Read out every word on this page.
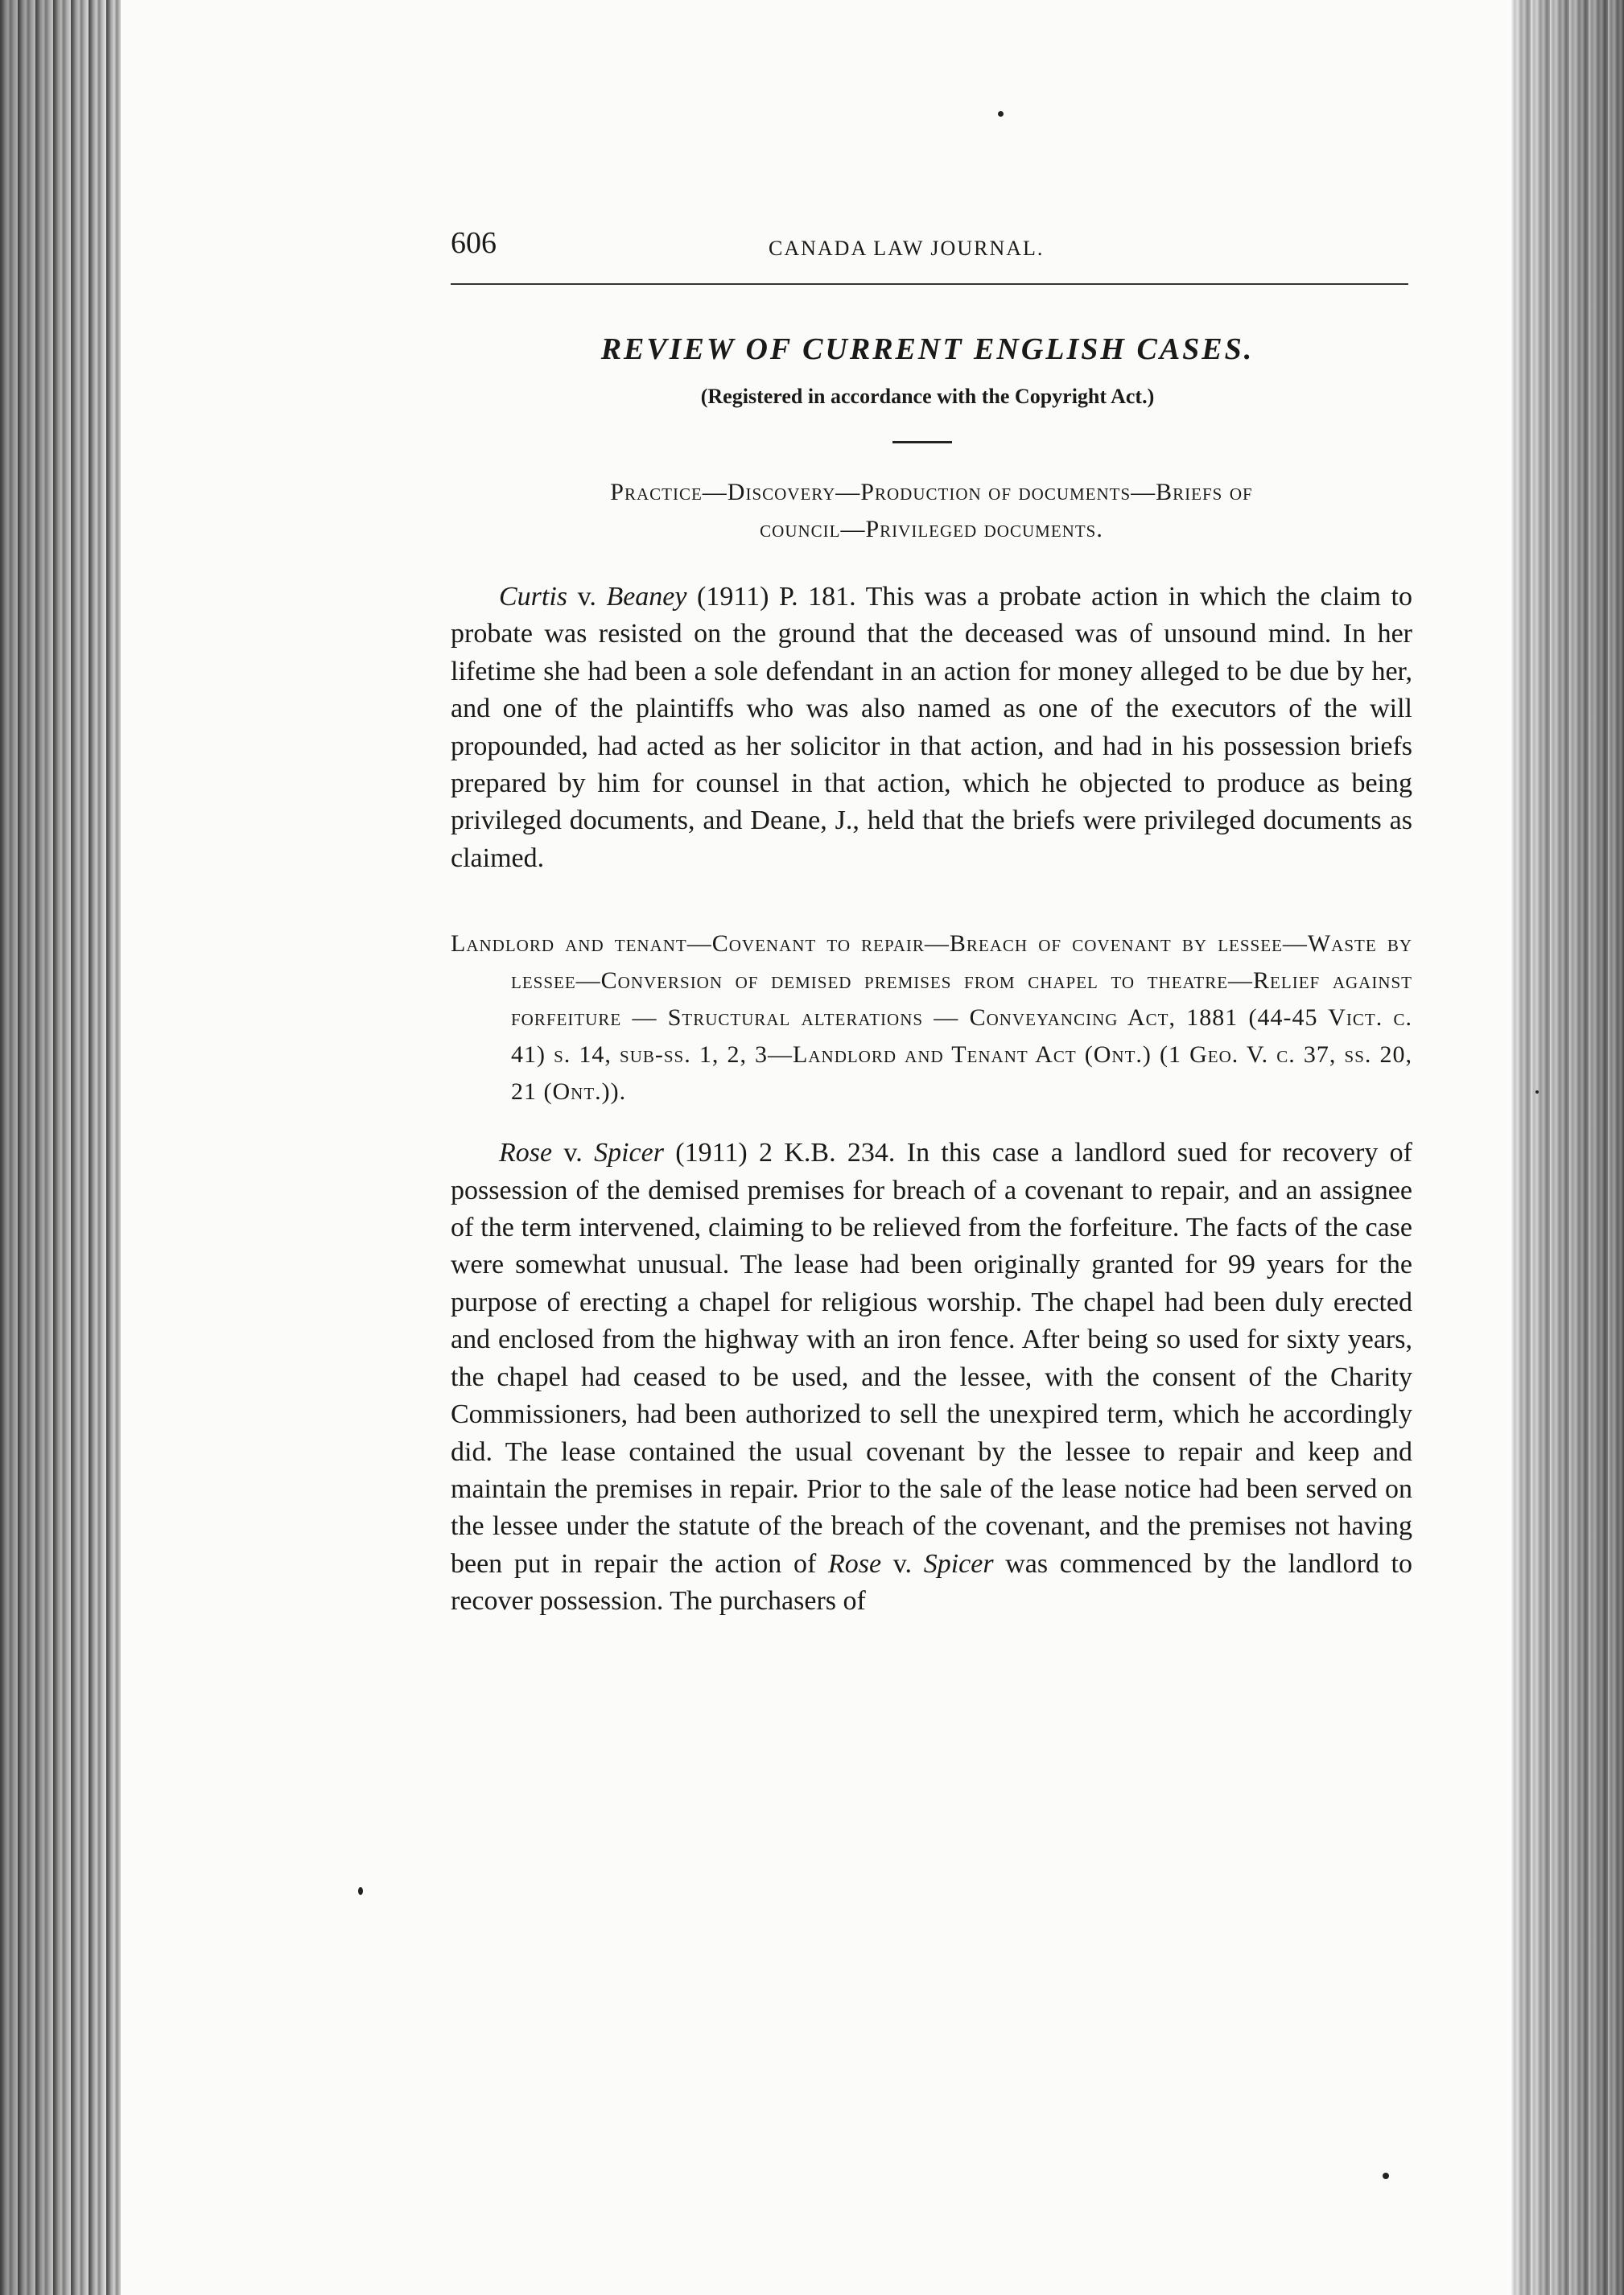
606	CANADA LAW JOURNAL.
REVIEW OF CURRENT ENGLISH CASES.
(Registered in accordance with the Copyright Act.)
Practice—Discovery—Production of documents—Briefs of
council—Privileged documents.

Curtis v. Beaney (1911) P. 181. This was a probate action in which the claim to probate was resisted on the ground that the deceased was of unsound mind. In her lifetime she had been a sole defendant in an action for money alleged to be due by her, and one of the plaintiffs who was also named as one of the executors of the will propounded, had acted as her solicitor in that action, and had in his possession briefs prepared by him for counsel in that action, which he objected to produce as being privileged documents, and Deane, J., held that the briefs were privileged documents as claimed.

Landlord and tenant—Covenant to repair—Breach of covenant by lessee—Waste by lessee—Conversion of demised premises from chapel to theatre—Relief against forfeiture — Structural alterations — Conveyancing Act, 1881 (44-45 Vict. c. 41) s. 14, sub-ss. 1, 2, 3—Landlord and Tenant Act (Ont.) (1 Geo. V. c. 37, ss. 20, 21 (Ont.)).

Rose v. Spicer (1911) 2 K.B. 234. In this case a landlord sued for recovery of possession of the demised premises for breach of a covenant to repair, and an assignee of the term intervened, claiming to be relieved from the forfeiture. The facts of the case were somewhat unusual. The lease had been originally granted for 99 years for the purpose of erecting a chapel for religious worship. The chapel had been duly erected and enclosed from the highway with an iron fence. After being so used for sixty years, the chapel had ceased to be used, and the lessee, with the consent of the Charity Commissioners, had been authorized to sell the unexpired term, which he accordingly did. The lease contained the usual covenant by the lessee to repair and keep and maintain the premises in repair. Prior to the sale of the lease notice had been served on the lessee under the statute of the breach of the covenant, and the premises not having been put in repair the action of Rose v. Spicer was commenced by the landlord to recover possession. The purchasers of
